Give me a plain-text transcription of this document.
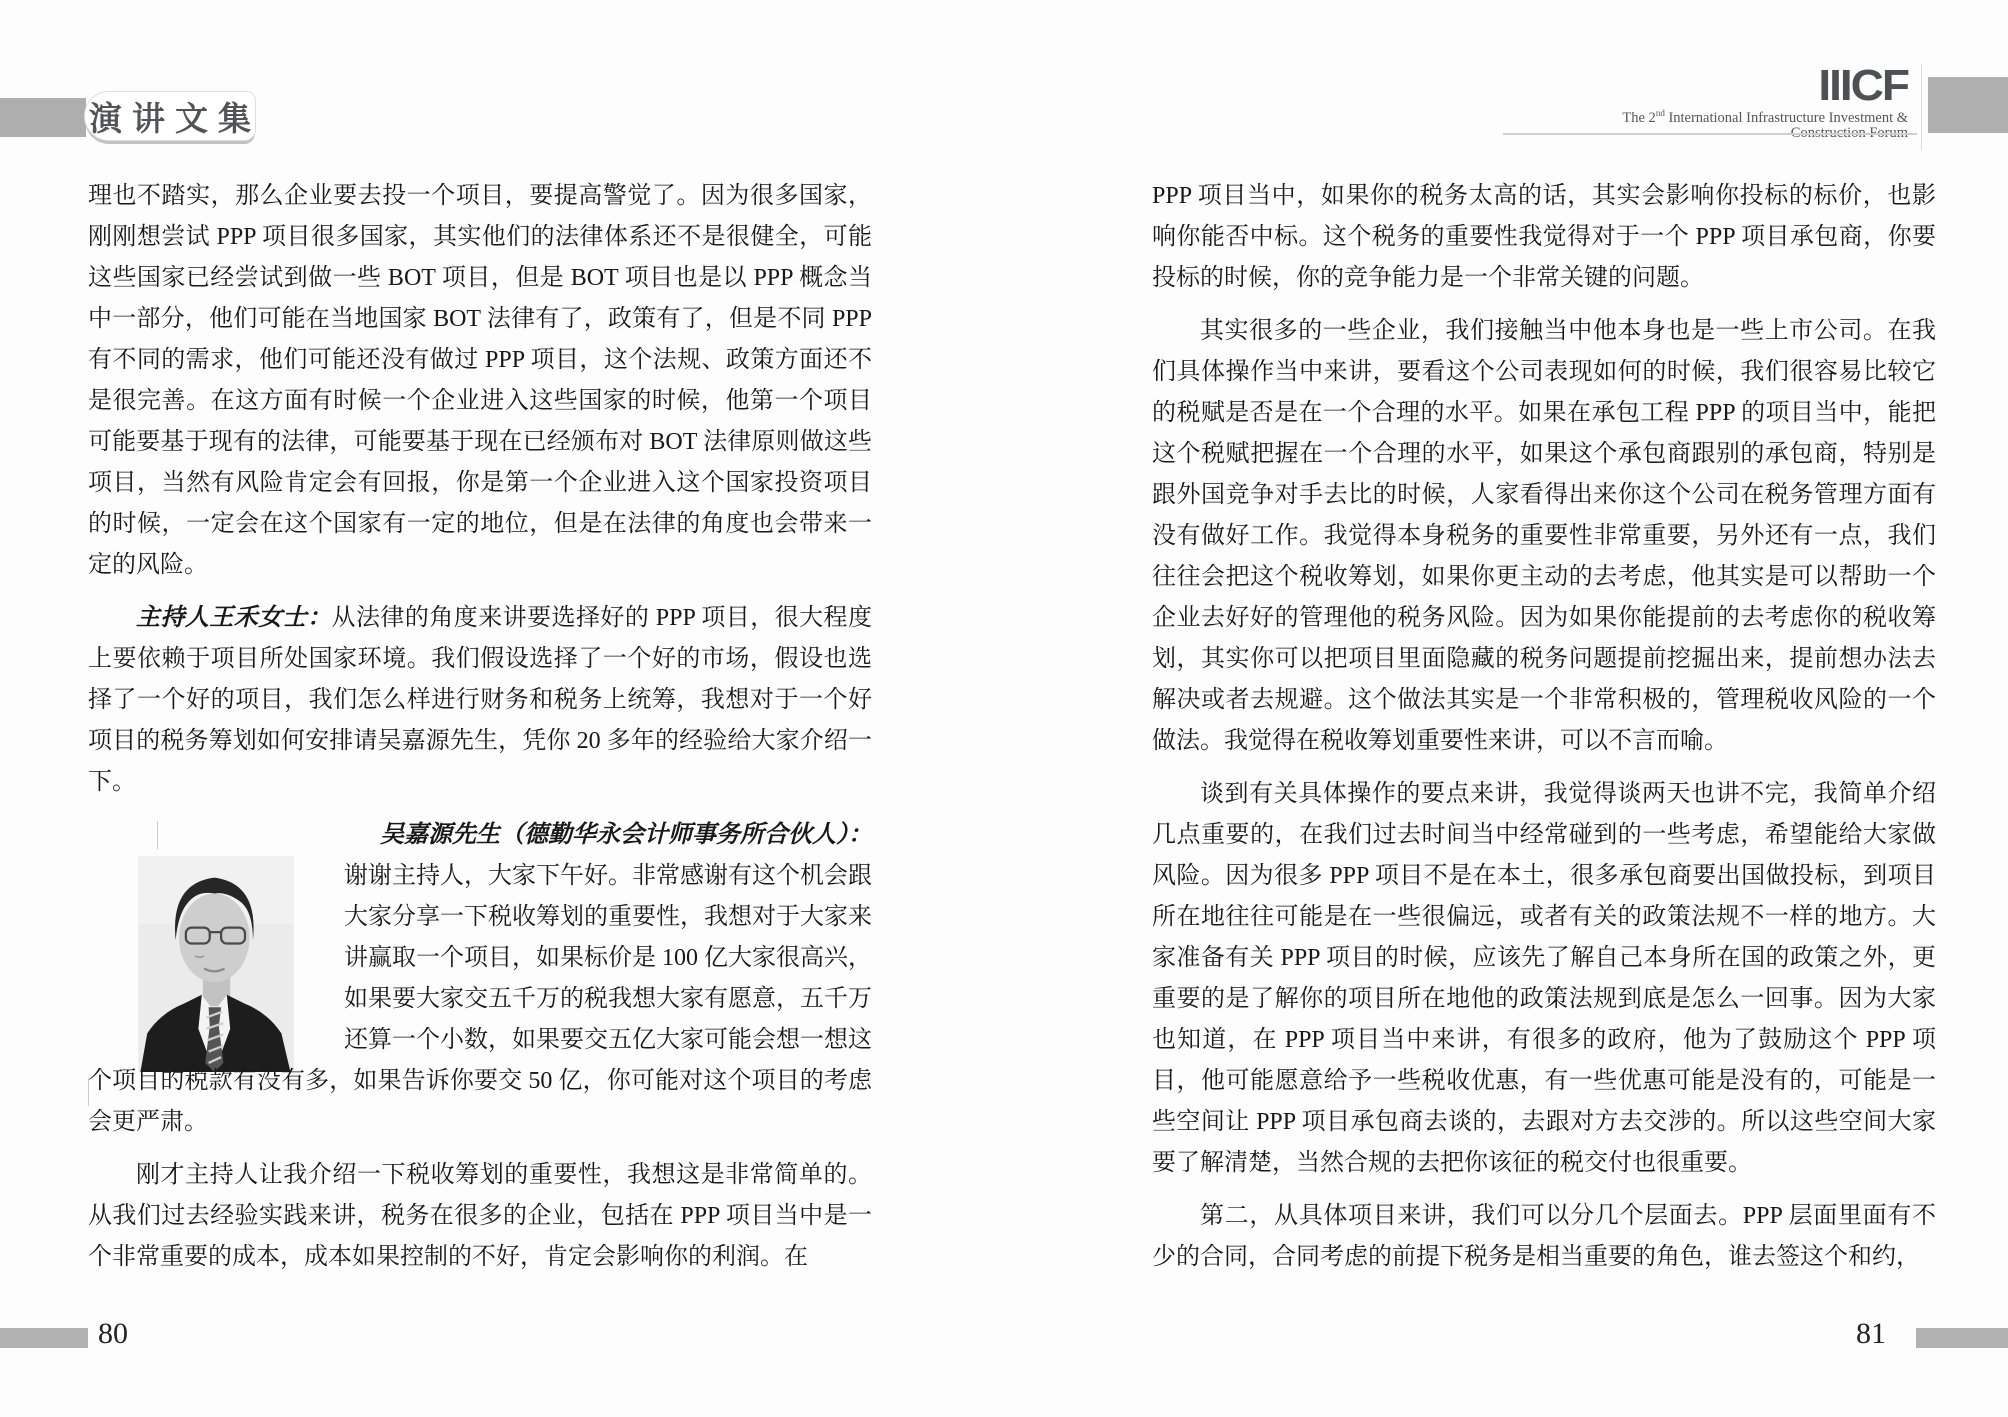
演讲文集
IIICF
The 2nd International Infrastructure Investment &

理也不踏实，那么企业要去投一个项目，要提高警觉了。因为很多国家，刚刚想尝试 PPP 项目很多国家，其实他们的法律体系还不是很健全，可能这些国家已经尝试到做一些 BOT 项目，但是 BOT 项目也是以 PPP 概念当中一部分，他们可能在当地国家 BOT 法律有了，政策有了，但是不同 PPP 有不同的需求，他们可能还没有做过 PPP 项目，这个法规、政策方面还不是很完善。在这方面有时候一个企业进入这些国家的时候，他第一个项目可能要基于现有的法律，可能要基于现在已经颁布对 BOT 法律原则做这些项目，当然有风险肯定会有回报，你是第一个企业进入这个国家投资项目的时候，一定会在这个国家有一定的地位，但是在法律的角度也会带来一定的风险。
主持人王禾女士：从法律的角度来讲要选择好的 PPP 项目，很大程度上要依赖于项目所处国家环境。我们假设选择了一个好的市场，假设也选择了一个好的项目，我们怎么样进行财务和税务上统筹，我想对于一个好项目的税务筹划如何安排请吴嘉源先生，凭你 20 多年的经验给大家介绍一下。
吴嘉源先生（德勤华永会计师事务所合伙人）：
谢谢主持人，大家下午好。非常感谢有这个机会跟大家分享一下税收筹划的重要性，我想对于大家来讲赢取一个项目，如果标价是 100 亿大家很高兴，如果要大家交五千万的税我想大家有愿意，五千万还算一个小数，如果要交五亿大家可能会想一想这个项目的税款有没有多，如果告诉你要交 50 亿，你可能对这个项目的考虑会更严肃。
刚才主持人让我介绍一下税收筹划的重要性，我想这是非常简单的。从我们过去经验实践来讲，税务在很多的企业，包括在 PPP 项目当中是一个非常重要的成本，成本如果控制的不好，肯定会影响你的利润。在
PPP 项目当中，如果你的税务太高的话，其实会影响你投标的标价，也影响你能否中标。这个税务的重要性我觉得对于一个 PPP 项目承包商，你要投标的时候，你的竞争能力是一个非常关键的问题。
其实很多的一些企业，我们接触当中他本身也是一些上市公司。在我们具体操作当中来讲，要看这个公司表现如何的时候，我们很容易比较它的税赋是否是在一个合理的水平。如果在承包工程 PPP 的项目当中，能把这个税赋把握在一个合理的水平，如果这个承包商跟别的承包商，特别是跟外国竞争对手去比的时候，人家看得出来你这个公司在税务管理方面有没有做好工作。我觉得本身税务的重要性非常重要，另外还有一点，我们往往会把这个税收筹划，如果你更主动的去考虑，他其实是可以帮助一个企业去好好的管理他的税务风险。因为如果你能提前的去考虑你的税收筹划，其实你可以把项目里面隐藏的税务问题提前挖掘出来，提前想办法去解决或者去规避。这个做法其实是一个非常积极的，管理税收风险的一个做法。我觉得在税收筹划重要性来讲，可以不言而喻。
谈到有关具体操作的要点来讲，我觉得谈两天也讲不完，我简单介绍几点重要的，在我们过去时间当中经常碰到的一些考虑，希望能给大家做风险。因为很多 PPP 项目不是在本土，很多承包商要出国做投标，到项目所在地往往可能是在一些很偏远，或者有关的政策法规不一样的地方。大家准备有关 PPP 项目的时候，应该先了解自己本身所在国的政策之外，更重要的是了解你的项目所在地他的政策法规到底是怎么一回事。因为大家也知道，在 PPP 项目当中来讲，有很多的政府，他为了鼓励这个 PPP 项目，他可能愿意给予一些税收优惠，有一些优惠可能是没有的，可能是一些空间让 PPP 项目承包商去谈的，去跟对方去交涉的。所以这些空间大家要了解清楚，当然合规的去把你该征的税交付也很重要。
第二，从具体项目来讲，我们可以分几个层面去。PPP 层面里面有不少的合同，合同考虑的前提下税务是相当重要的角色，谁去签这个和约，
80	81
